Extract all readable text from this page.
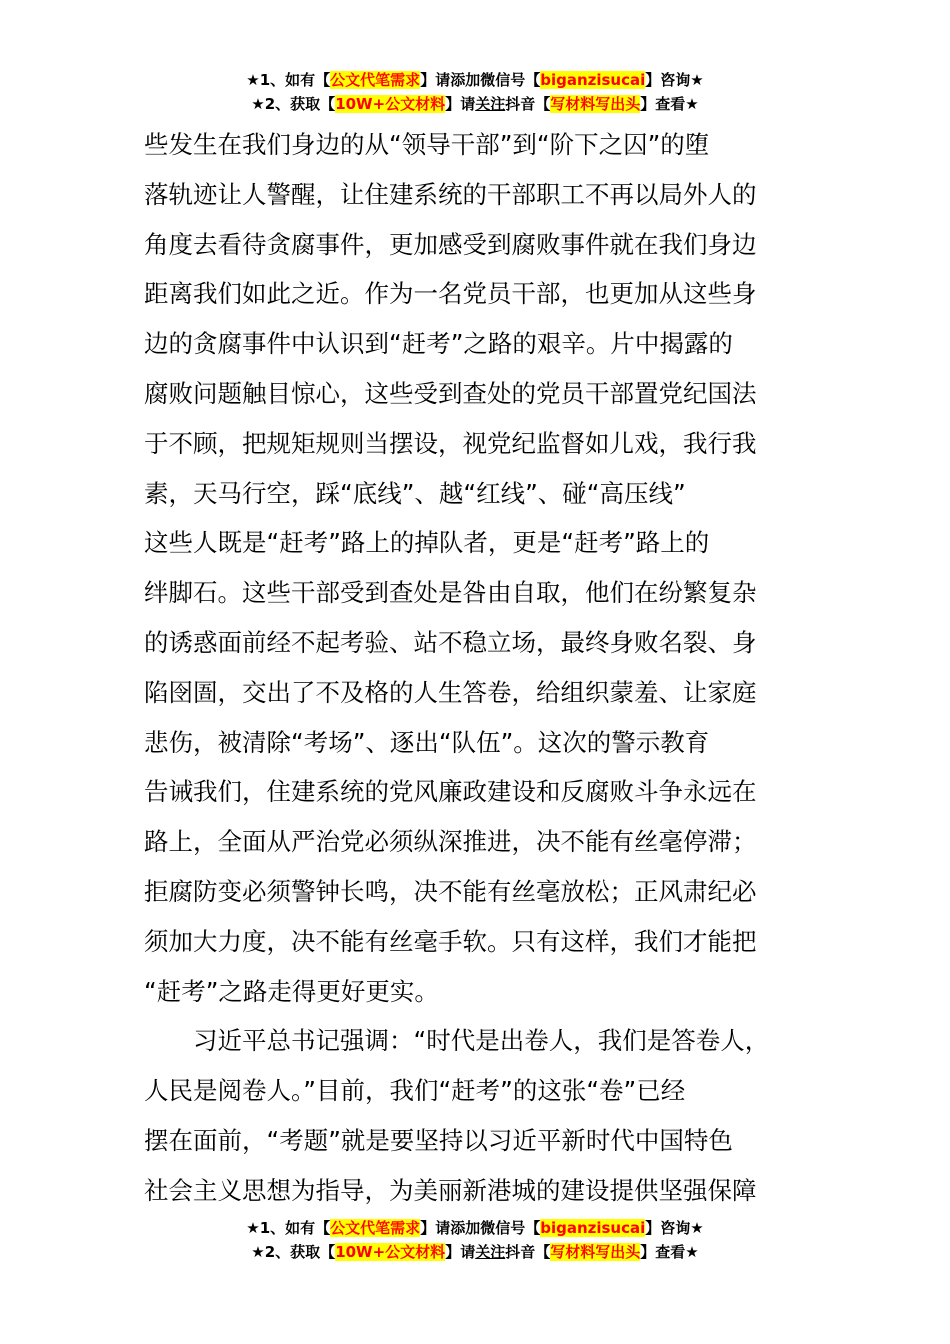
★1、如有【公文代笔需求】请添加微信号【biganzisucai】咨询★
★2、获取【10W+公文材料】请关注抖音【写材料写出头】查看★
些发生在我们身边的从“领导干部”到“阶下之囚”的堕
落轨迹让人警醒，让住建系统的干部职工不再以局外人的
角度去看待贪腐事件，更加感受到腐败事件就在我们身边
距离我们如此之近。作为一名党员干部，也更加从这些身
边的贪腐事件中认识到“赶考”之路的艰辛。片中揭露的
腐败问题触目惊心，这些受到查处的党员干部置党纪国法
于不顾，把规矩规则当摆设，视党纪监督如儿戏，我行我
素，天马行空，踩“底线”、越“红线”、碰“高压线”
这些人既是“赶考”路上的掉队者，更是“赶考”路上的
绊脚石。这些干部受到查处是咎由自取，他们在纷繁复杂
的诱惑面前经不起考验、站不稳立场，最终身败名裂、身
陷囹圄，交出了不及格的人生答卷，给组织蒙羞、让家庭
悲伤，被清除“考场”、逐出“队伍”。这次的警示教育
告诫我们，住建系统的党风廉政建设和反腐败斗争永远在
路上，全面从严治党必须纵深推进，决不能有丝毫停滞；
拒腐防变必须警钟长鸣，决不能有丝毫放松；正风肃纪必
须加大力度，决不能有丝毫手软。只有这样，我们才能把
“赶考”之路走得更好更实。
习近平总书记强调：“时代是出卷人，我们是答卷人，
人民是阅卷人。”目前，我们“赶考”的这张“卷”已经
摆在面前，“考题”就是要坚持以习近平新时代中国特色
社会主义思想为指导，为美丽新港城的建设提供坚强保障
★1、如有【公文代笔需求】请添加微信号【biganzisucai】咨询★
★2、获取【10W+公文材料】请关注抖音【写材料写出头】查看★
